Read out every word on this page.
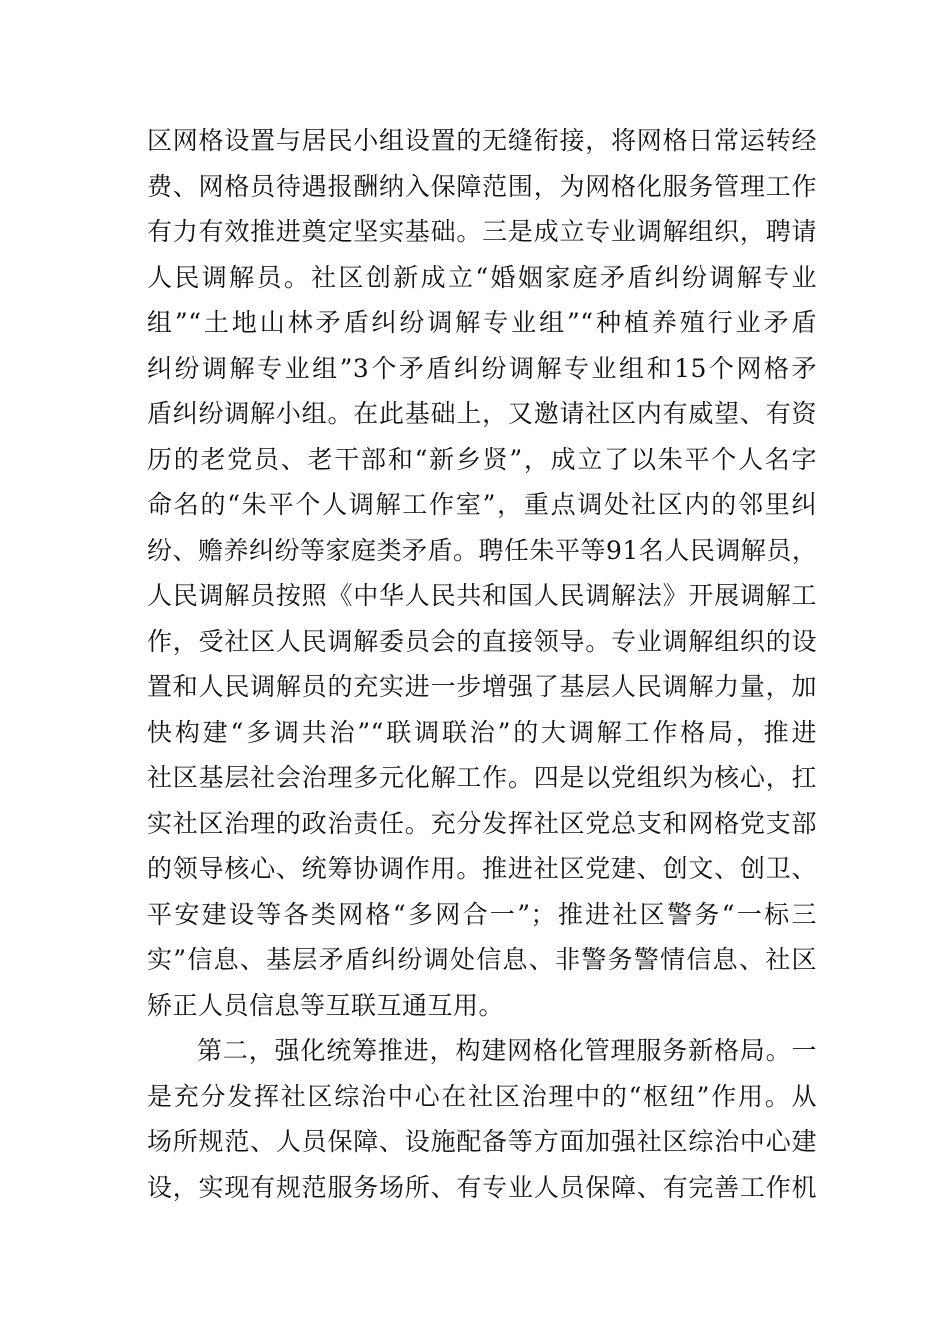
区网格设置与居民小组设置的无缝衔接，将网格日常运转经
费、网格员待遇报酬纳入保障范围，为网格化服务管理工作
有力有效推进奠定坚实基础。三是成立专业调解组织，聘请
人民调解员。社区创新成立“婚姻家庭矛盾纠纷调解专业
组”“土地山林矛盾纠纷调解专业组”“种植养殖行业矛盾
纠纷调解专业组”3个矛盾纠纷调解专业组和15个网格矛
盾纠纷调解小组。在此基础上，又邀请社区内有威望、有资
历的老党员、老干部和“新乡贤”，成立了以朱平个人名字
命名的“朱平个人调解工作室”，重点调处社区内的邻里纠
纷、赡养纠纷等家庭类矛盾。聘任朱平等91名人民调解员，
人民调解员按照《中华人民共和国人民调解法》开展调解工
作，受社区人民调解委员会的直接领导。专业调解组织的设
置和人民调解员的充实进一步增强了基层人民调解力量，加
快构建“多调共治”“联调联治”的大调解工作格局，推进
社区基层社会治理多元化解工作。四是以党组织为核心，扛
实社区治理的政治责任。充分发挥社区党总支和网格党支部
的领导核心、统筹协调作用。推进社区党建、创文、创卫、
平安建设等各类网格“多网合一”；推进社区警务“一标三
实”信息、基层矛盾纠纷调处信息、非警务警情信息、社区
矫正人员信息等互联互通互用。
第二，强化统筹推进，构建网格化管理服务新格局。一
是充分发挥社区综治中心在社区治理中的“枢纽”作用。从
场所规范、人员保障、设施配备等方面加强社区综治中心建
设，实现有规范服务场所、有专业人员保障、有完善工作机
